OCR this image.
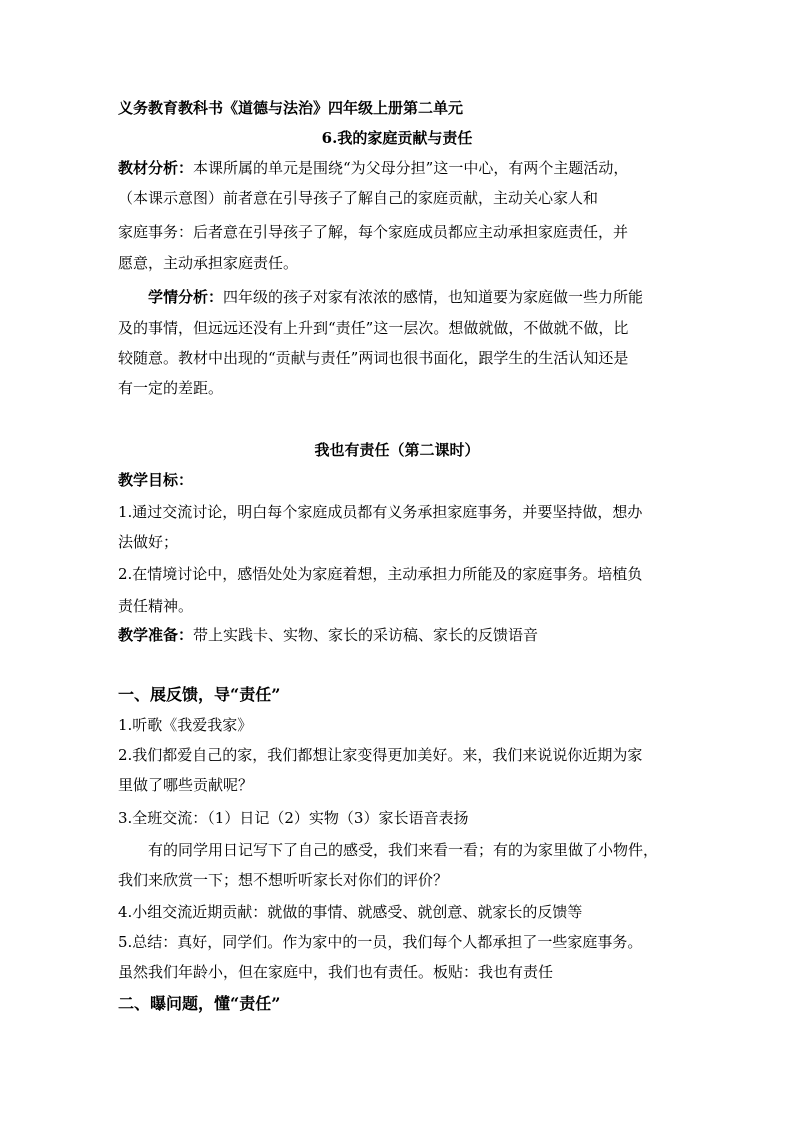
义务教育教科书《道德与法治》四年级上册第二单元
6.我的家庭贡献与责任
教材分析：本课所属的单元是围绕“为父母分担”这一中心，有两个主题活动，
（本课示意图）前者意在引导孩子了解自己的家庭贡献，主动关心家人和
家庭事务：后者意在引导孩子了解，每个家庭成员都应主动承担家庭责任，并
愿意，主动承担家庭责任。
学情分析：四年级的孩子对家有浓浓的感情，也知道要为家庭做一些力所能
及的事情，但远远还没有上升到“责任”这一层次。想做就做，不做就不做，比
较随意。教材中出现的“贡献与责任”两词也很书面化，跟学生的生活认知还是
有一定的差距。
我也有责任（第二课时）
教学目标：
1.通过交流讨论，明白每个家庭成员都有义务承担家庭事务，并要坚持做，想办
法做好；
2.在情境讨论中，感悟处处为家庭着想，主动承担力所能及的家庭事务。培植负
责任精神。
教学准备：带上实践卡、实物、家长的采访稿、家长的反馈语音
一、展反馈，导“责任”
1.听歌《我爱我家》
2.我们都爱自己的家，我们都想让家变得更加美好。来，我们来说说你近期为家
里做了哪些贡献呢？
3.全班交流：（1）日记（2）实物（3）家长语音表扬
有的同学用日记写下了自己的感受，我们来看一看；有的为家里做了小物件，
我们来欣赏一下；想不想听听家长对你们的评价？
4.小组交流近期贡献：就做的事情、就感受、就创意、就家长的反馈等
5.总结：真好，同学们。作为家中的一员，我们每个人都承担了一些家庭事务。
虽然我们年龄小，但在家庭中，我们也有责任。板贴：我也有责任
二、曝问题，懂“责任”
